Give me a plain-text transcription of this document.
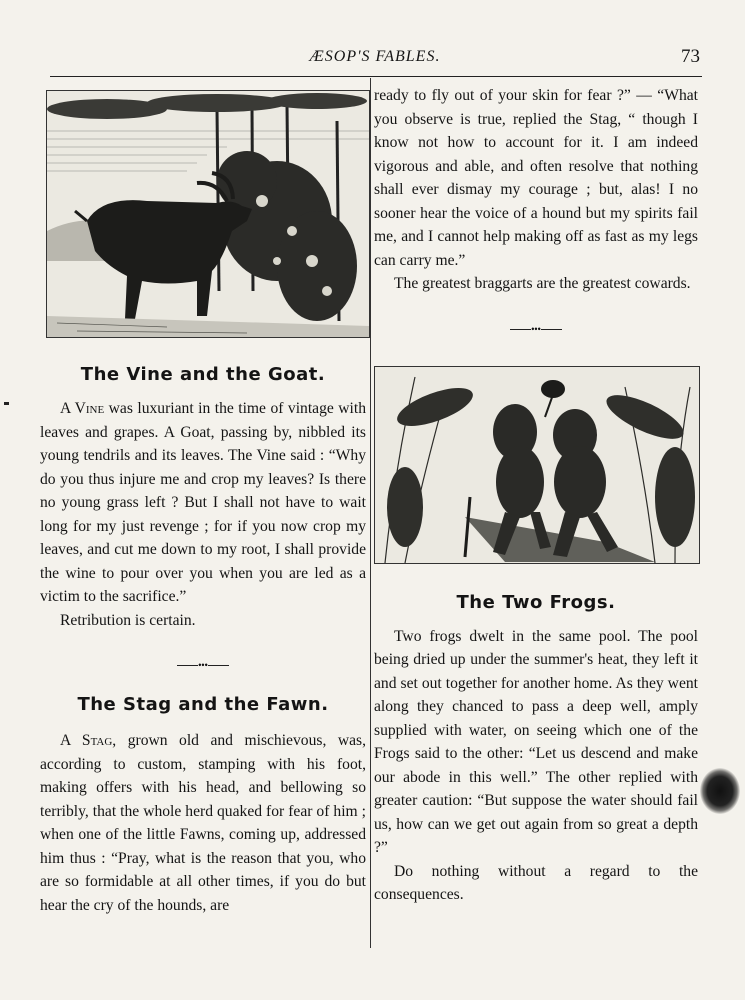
ÆSOP'S FABLES.	73
The Vine and the Goat.

A Vine was luxuriant in the time of vintage with leaves and grapes. A Goat, passing by, nibbled its young tendrils and its leaves. The Vine said : “Why do you thus injure me and crop my leaves? Is there no young grass left ? But I shall not have to wait long for my just revenge ; for if you now crop my leaves, and cut me down to my root, I shall provide the wine to pour over you when you are led as a victim to the sacrifice.”

Retribution is certain.

•••
The Stag and the Fawn.

A Stag, grown old and mischievous, was, according to custom, stamping with his foot, making offers with his head, and bellowing so terribly, that the whole herd quaked for fear of him ; when one of the little Fawns, coming up, addressed him thus : “Pray, what is the reason that you, who are so formidable at all other times, if you do but hear the cry of the hounds, are

ready to fly out of your skin for fear ?” — “What you observe is true, replied the Stag, “ though I know not how to account for it. I am indeed vigorous and able, and often resolve that nothing shall ever dismay my courage ; but, alas! I no sooner hear the voice of a hound but my spirits fail me, and I cannot help making off as fast as my legs can carry me.”

The greatest braggarts are the greatest cowards.

•••
The Two Frogs.

Two frogs dwelt in the same pool. The pool being dried up under the summer's heat, they left it and set out together for another home. As they went along they chanced to pass a deep well, amply supplied with water, on seeing which one of the Frogs said to the other: “Let us descend and make our abode in this well.” The other replied with greater caution: “But suppose the water should fail us, how can we get out again from so great a depth ?”

Do nothing without a regard to the consequences.
